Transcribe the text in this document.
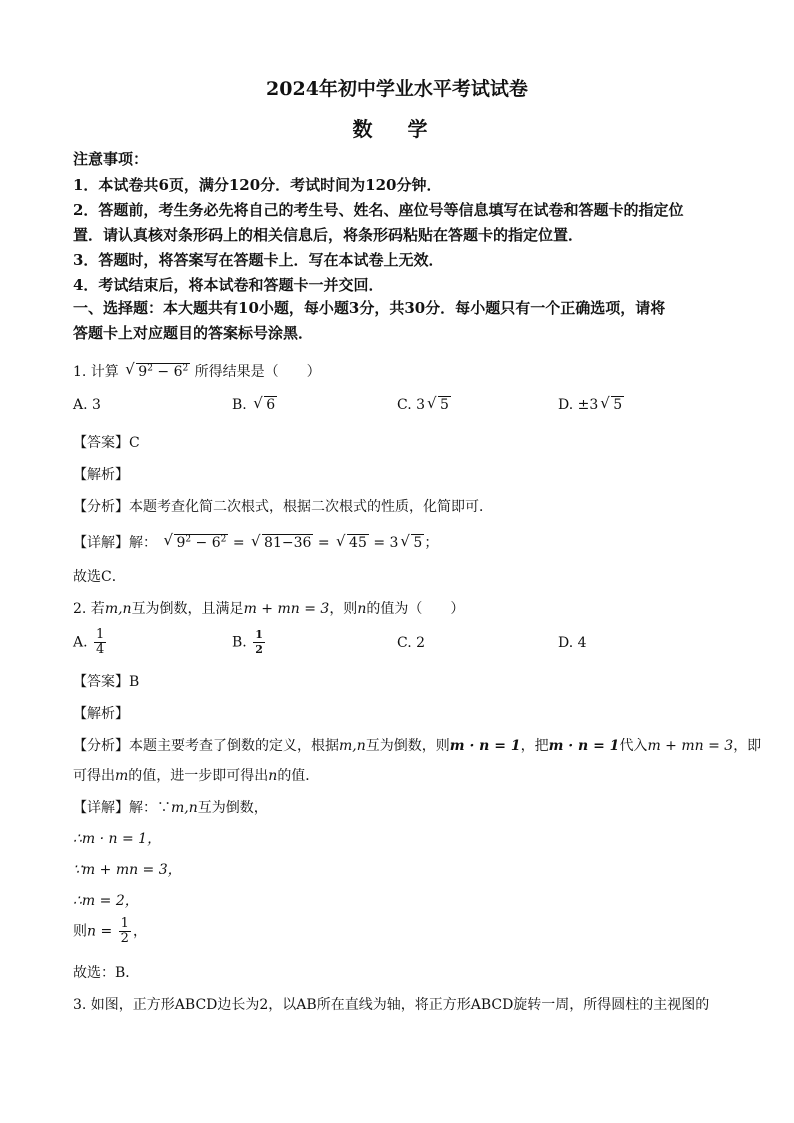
2024年初中学业水平考试试卷
数 学
注意事项：
1．本试卷共6页，满分120分．考试时间为120分钟．
2．答题前，考生务必先将自己的考生号、姓名、座位号等信息填写在试卷和答题卡的指定位
置．请认真核对条形码上的相关信息后，将条形码粘贴在答题卡的指定位置．
3．答题时，将答案写在答题卡上．写在本试卷上无效．
4．考试结束后，将本试卷和答题卡一并交回．
一、选择题：本大题共有10小题，每小题3分，共30分．每小题只有一个正确选项，请将
答题卡上对应题目的答案标号涂黑．
1. 计算 √ $9^2 - 6^2$ 所得结果是（　　）
A. 3	B. √ 6	C. 3 √ 5	D. ±3 √ 5
【答案】C
【解析】
【分析】本题考查化简二次根式，根据二次根式的性质，化简即可．
【详解】解： √ $9^2 - 6^2$ = √ 81−36 = √ 45 = 3 √ 5 ；
故选C．
2. 若m,n互为倒数，且满足m + mn = 3，则n的值为（　　）
A. $\frac{1}{4}$	B. $\frac{1}{2}$	C. 2	D. 4
【答案】B
【解析】
【分析】本题主要考查了倒数的定义，根据m,n互为倒数，则m · n = 1，把m · n = 1代入m + mn = 3，即
可得出m的值，进一步即可得出n的值．
【详解】解：∵m,n互为倒数，
∴m · n = 1，
∵m + mn = 3，
∴m = 2，
则$n = \frac{1}{2}$ ，
故选：B．
3. 如图，正方形ABCD边长为2，以AB所在直线为轴，将正方形ABCD旋转一周，所得圆柱的主视图的
